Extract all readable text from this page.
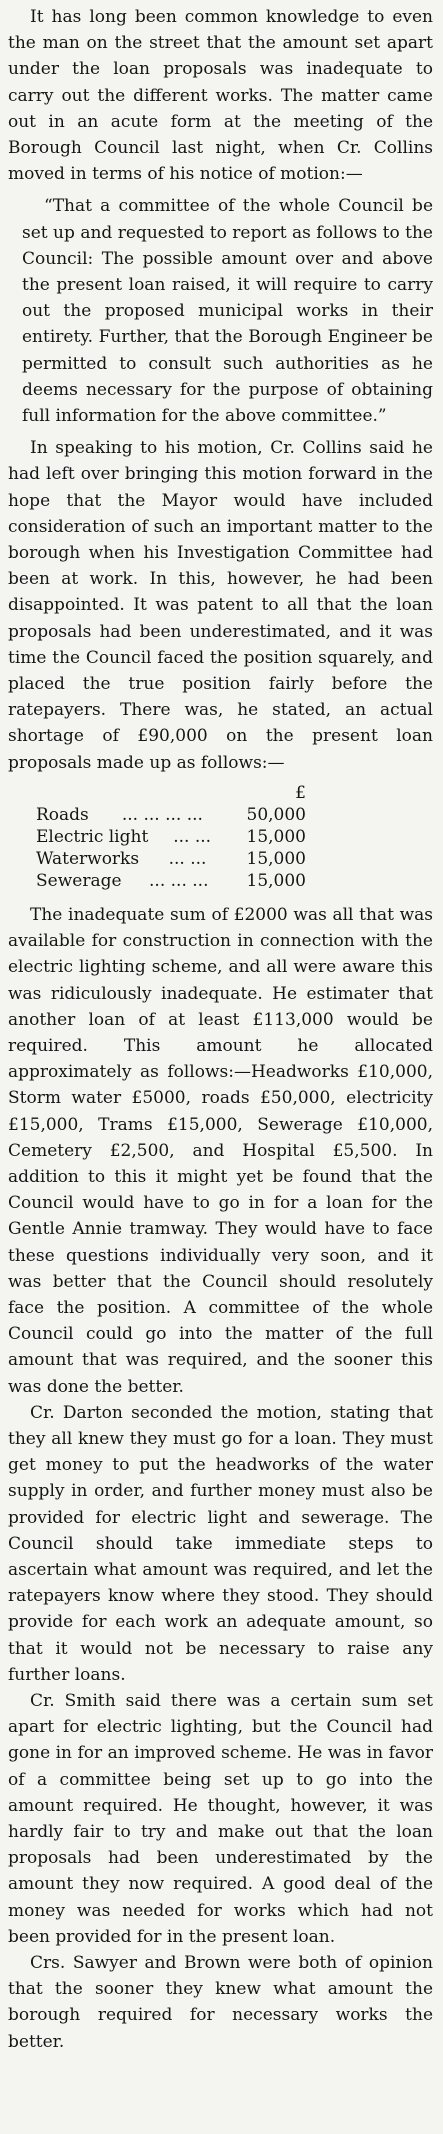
It has long been common knowledge to even the man on the street that the amount set apart under the loan proposals was inadequate to carry out the different works. The matter came out in an acute form at the meeting of the Borough Council last night, when Cr. Collins moved in terms of his notice of motion:—

“That a committee of the whole Council be set up and requested to report as follows to the Council: The possible amount over and above the present loan raised, it will require to carry out the proposed municipal works in their entirety. Further, that the Borough Engineer be permitted to consult such authorities as he deems necessary for the purpose of obtaining full information for the above committee.”

In speaking to his motion, Cr. Collins said he had left over bringing this motion forward in the hope that the Mayor would have included consideration of such an important matter to the borough when his Investigation Committee had been at work. In this, however, he had been disappointed. It was patent to all that the loan proposals had been underestimated, and it was time the Council faced the position squarely, and placed the true position fairly before the ratepayers. There was, he stated, an actual shortage of £90,000 on the present loan proposals made up as follows:—

£
Roads ... ... ... ...	50,000
Electric light ... ...	15,000
Waterworks ... ...	15,000
Sewerage ... ... ...	15,000

The inadequate sum of £2000 was all that was available for construction in connection with the electric lighting scheme, and all were aware this was ridiculously inadequate. He estimater that another loan of at least £113,000 would be required. This amount he allocated approximately as follows:—Headworks £10,000, Storm water £5000, roads £50,000, electricity £15,000, Trams £15,000, Sewerage £10,000, Cemetery £2,500, and Hospital £5,500. In addition to this it might yet be found that the Council would have to go in for a loan for the Gentle Annie tramway. They would have to face these questions individually very soon, and it was better that the Council should resolutely face the position. A committee of the whole Council could go into the matter of the full amount that was required, and the sooner this was done the better.

Cr. Darton seconded the motion, stating that they all knew they must go for a loan. They must get money to put the headworks of the water supply in order, and further money must also be provided for electric light and sewerage. The Council should take immediate steps to ascertain what amount was required, and let the ratepayers know where they stood. They should provide for each work an adequate amount, so that it would not be necessary to raise any further loans.

Cr. Smith said there was a certain sum set apart for electric lighting, but the Council had gone in for an improved scheme. He was in favor of a committee being set up to go into the amount required. He thought, however, it was hardly fair to try and make out that the loan proposals had been underestimated by the amount they now required. A good deal of the money was needed for works which had not been provided for in the present loan.

Crs. Sawyer and Brown were both of opinion that the sooner they knew what amount the borough required for necessary works the better.
